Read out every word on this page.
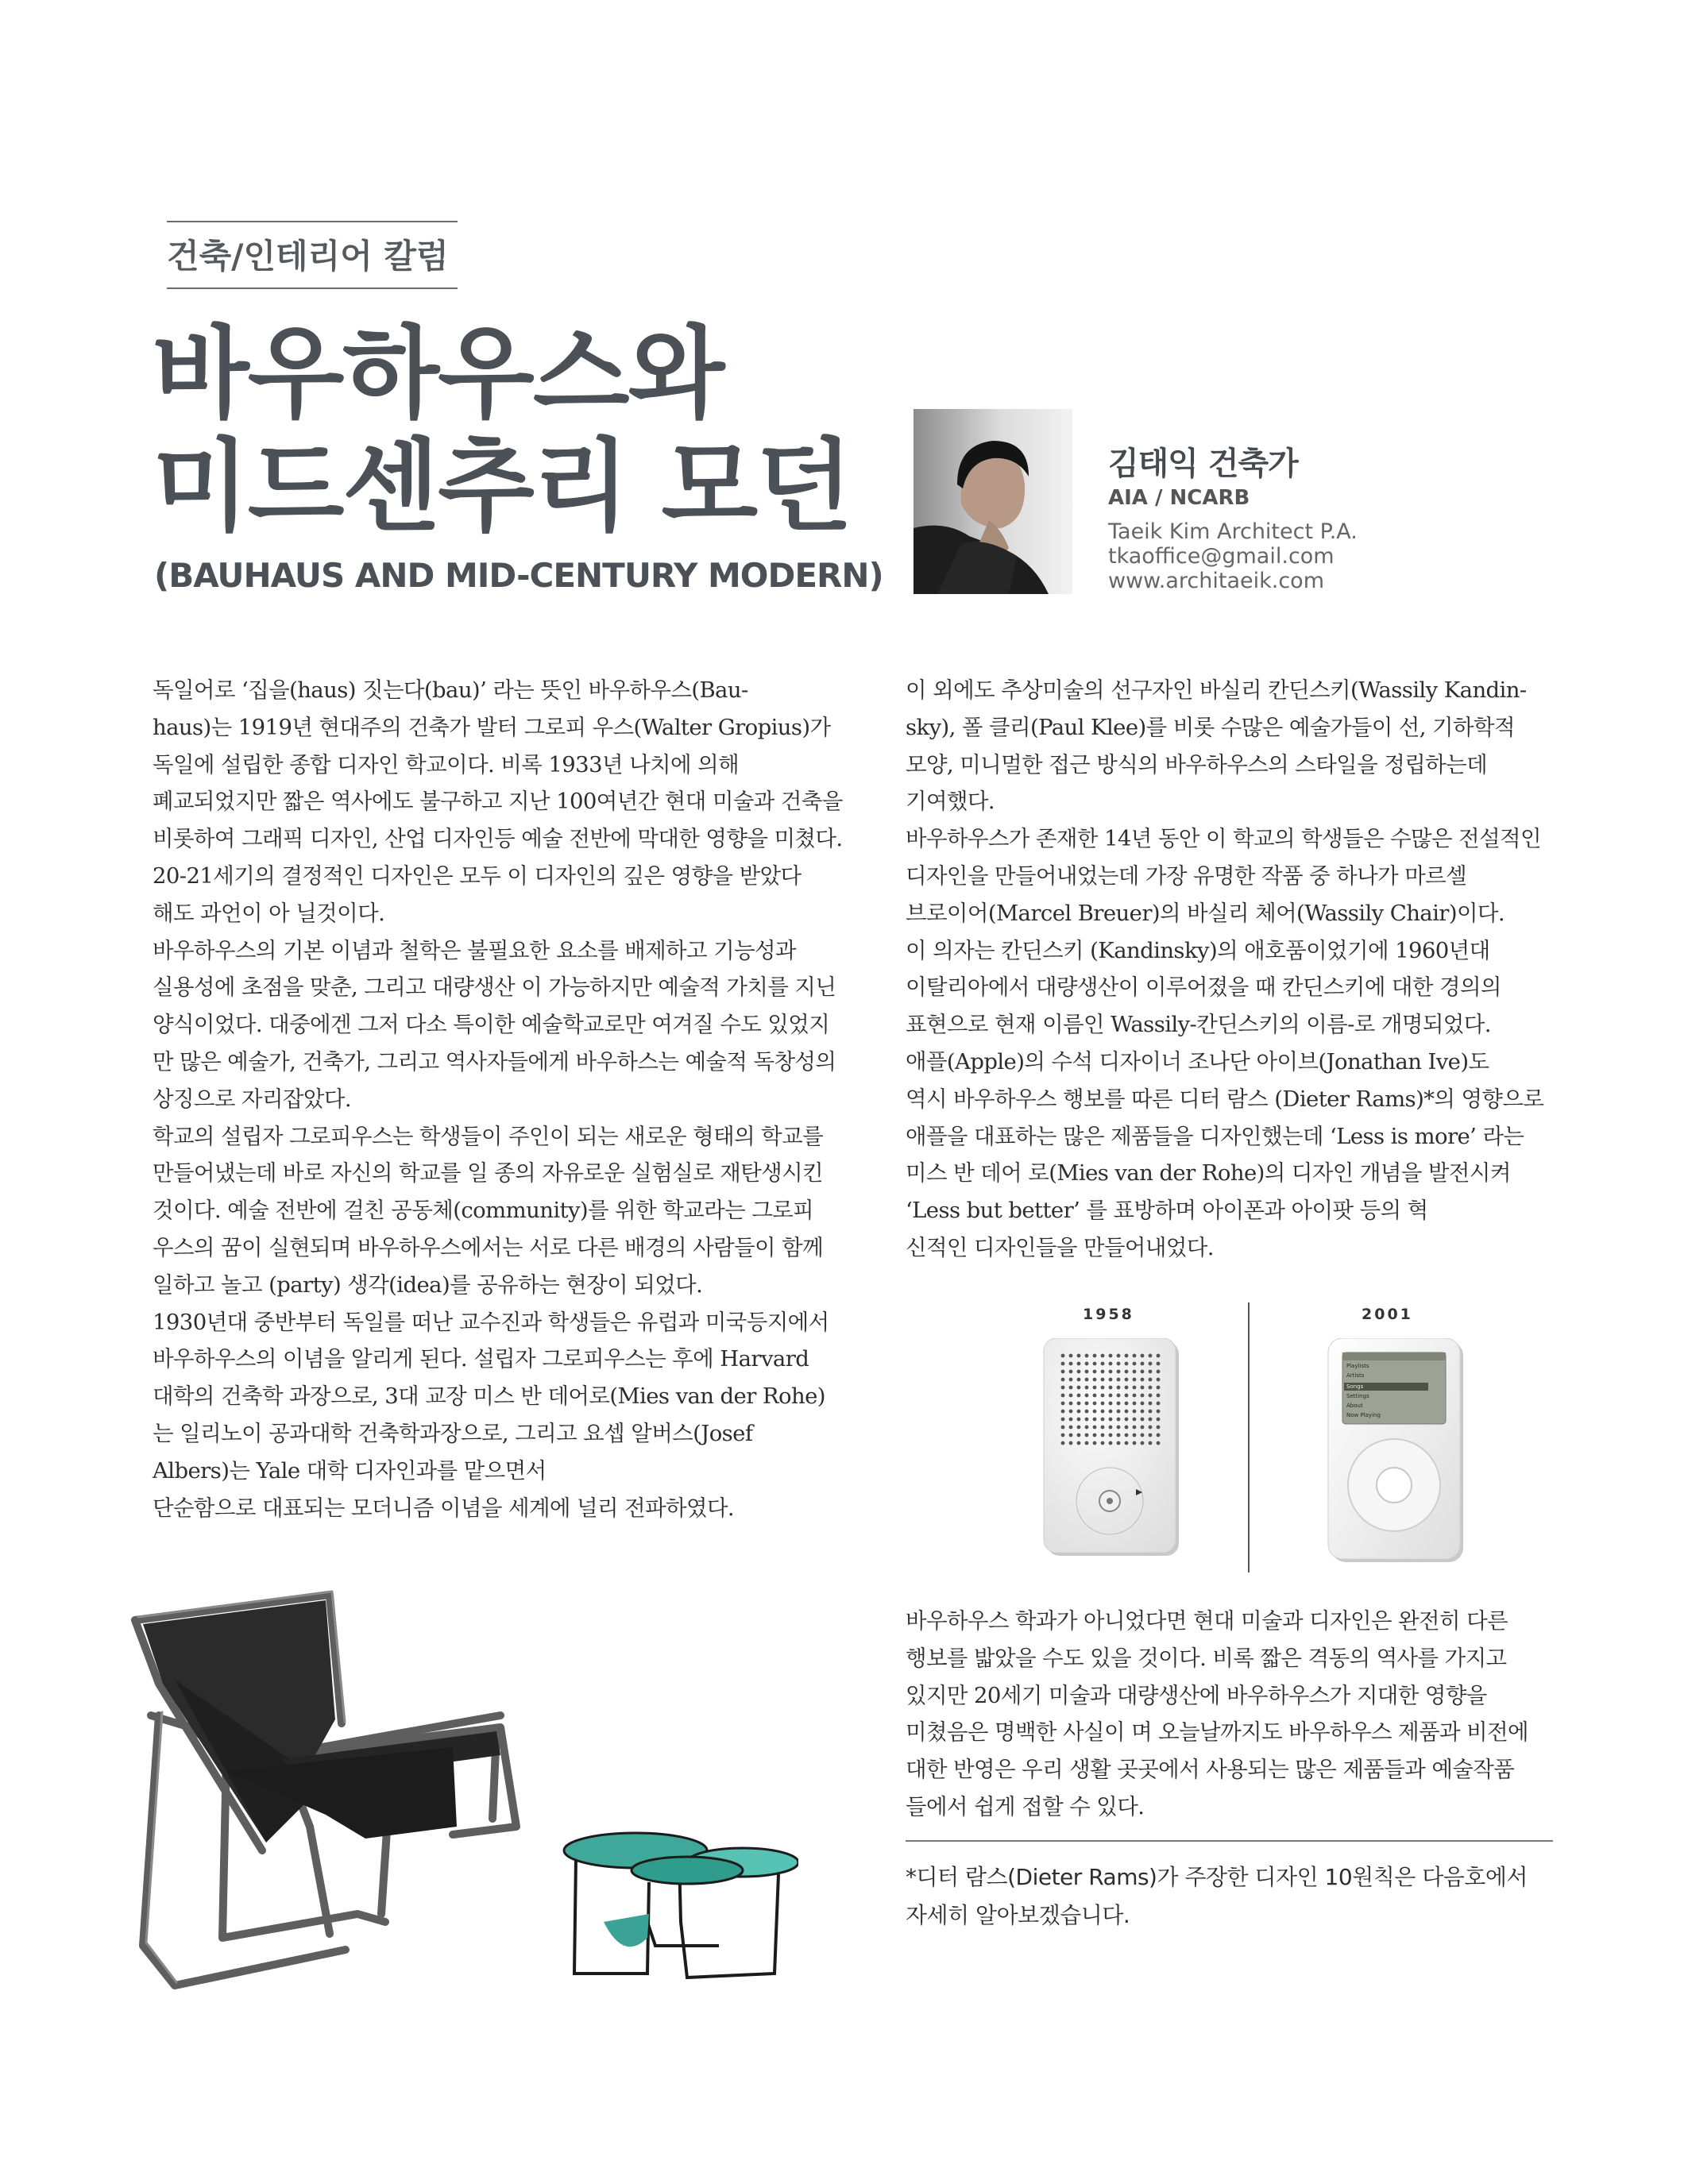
건축/인테리어 칼럼
바우하우스와
미드센추리 모던
(BAUHAUS AND MID-CENTURY MODERN)
김태익 건축가
AIA / NCARB
Taeik Kim Architect P.A.
tkaoffice@gmail.com
www.architaeik.com
독일어로 ‘집을(haus) 짓는다(bau)’ 라는 뜻인 바우하우스(Bau-
haus)는 1919년 현대주의 건축가 발터 그로피 우스(Walter Gropius)가
독일에 설립한 종합 디자인 학교이다. 비록 1933년 나치에 의해
폐교되었지만 짧은 역사에도 불구하고 지난 100여년간 현대 미술과 건축을
비롯하여 그래픽 디자인, 산업 디자인등 예술 전반에 막대한 영향을 미쳤다.
20-21세기의 결정적인 디자인은 모두 이 디자인의 깊은 영향을 받았다
해도 과언이 아 닐것이다.
바우하우스의 기본 이념과 철학은 불필요한 요소를 배제하고 기능성과
실용성에 초점을 맞춘, 그리고 대량생산 이 가능하지만 예술적 가치를 지닌
양식이었다. 대중에겐 그저 다소 특이한 예술학교로만 여겨질 수도 있었지
만 많은 예술가, 건축가, 그리고 역사자들에게 바우하스는 예술적 독창성의
상징으로 자리잡았다.
학교의 설립자 그로피우스는 학생들이 주인이 되는 새로운 형태의 학교를
만들어냈는데 바로 자신의 학교를 일 종의 자유로운 실험실로 재탄생시킨
것이다. 예술 전반에 걸친 공동체(community)를 위한 학교라는 그로피
우스의 꿈이 실현되며 바우하우스에서는 서로 다른 배경의 사람들이 함께
일하고 놀고 (party) 생각(idea)를 공유하는 현장이 되었다.
1930년대 중반부터 독일를 떠난 교수진과 학생들은 유럽과 미국등지에서
바우하우스의 이념을 알리게 된다. 설립자 그로피우스는 후에 Harvard
대학의 건축학 과장으로, 3대 교장 미스 반 데어로(Mies van der Rohe)
는 일리노이 공과대학 건축학과장으로, 그리고 요셉 알버스(Josef
Albers)는 Yale 대학 디자인과를 맡으면서
단순함으로 대표되는 모더니즘 이념을 세계에 널리 전파하였다.
이 외에도 추상미술의 선구자인 바실리 칸딘스키(Wassily Kandin-
sky), 폴 클리(Paul Klee)를 비롯 수많은 예술가들이 선, 기하학적
모양, 미니멀한 접근 방식의 바우하우스의 스타일을 정립하는데
기여했다.
바우하우스가 존재한 14년 동안 이 학교의 학생들은 수많은 전설적인
디자인을 만들어내었는데 가장 유명한 작품 중 하나가 마르셀
브로이어(Marcel Breuer)의 바실리 체어(Wassily Chair)이다.
이 의자는 칸딘스키 (Kandinsky)의 애호품이었기에 1960년대
이탈리아에서 대량생산이 이루어졌을 때 칸딘스키에 대한 경의의
표현으로 현재 이름인 Wassily-칸딘스키의 이름-로 개명되었다.
애플(Apple)의 수석 디자이너 조나단 아이브(Jonathan Ive)도
역시 바우하우스 행보를 따른 디터 람스 (Dieter Rams)*의 영향으로
애플을 대표하는 많은 제품들을 디자인했는데 ‘Less is more’ 라는
미스 반 데어 로(Mies van der Rohe)의 디자인 개념을 발전시켜
‘Less but better’ 를 표방하며 아이폰과 아이팟 등의 혁
신적인 디자인들을 만들어내었다.
1958	2001
Playlists
Artists
Songs
Settings
About
Now Playing
바우하우스 학과가 아니었다면 현대 미술과 디자인은 완전히 다른
행보를 밟았을 수도 있을 것이다. 비록 짧은 격동의 역사를 가지고
있지만 20세기 미술과 대량생산에 바우하우스가 지대한 영향을
미쳤음은 명백한 사실이 며 오늘날까지도 바우하우스 제품과 비전에
대한 반영은 우리 생활 곳곳에서 사용되는 많은 제품들과 예술작품
들에서 쉽게 접할 수 있다.
*디터 람스(Dieter Rams)가 주장한 디자인 10원칙은 다음호에서
자세히 알아보겠습니다.
